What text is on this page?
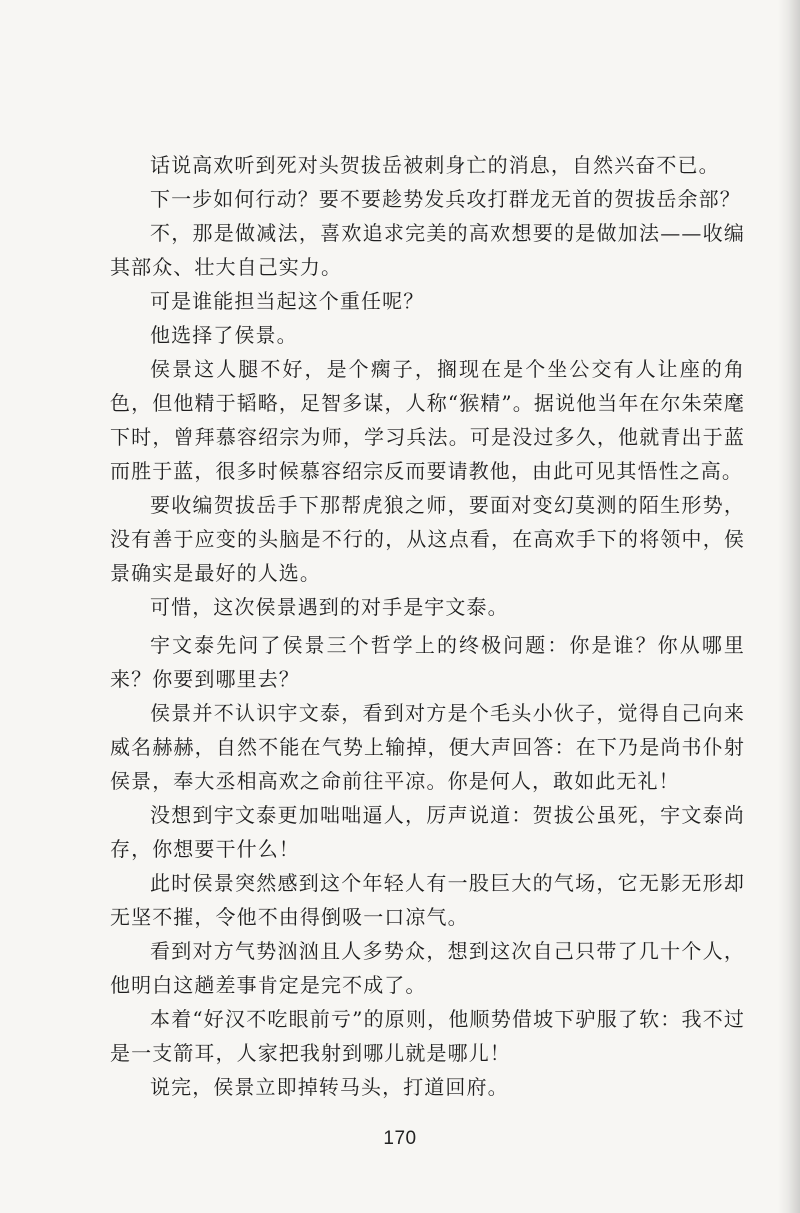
话说高欢听到死对头贺拔岳被刺身亡的消息，自然兴奋不已。

下一步如何行动？要不要趁势发兵攻打群龙无首的贺拔岳余部？

不，那是做减法，喜欢追求完美的高欢想要的是做加法——收编其部众、壮大自己实力。

可是谁能担当起这个重任呢？

他选择了侯景。

侯景这人腿不好，是个瘸子，搁现在是个坐公交有人让座的角色，但他精于韬略，足智多谋，人称“猴精”。据说他当年在尔朱荣麾下时，曾拜慕容绍宗为师，学习兵法。可是没过多久，他就青出于蓝而胜于蓝，很多时候慕容绍宗反而要请教他，由此可见其悟性之高。

要收编贺拔岳手下那帮虎狼之师，要面对变幻莫测的陌生形势，没有善于应变的头脑是不行的，从这点看，在高欢手下的将领中，侯景确实是最好的人选。

可惜，这次侯景遇到的对手是宇文泰。

宇文泰先问了侯景三个哲学上的终极问题：你是谁？你从哪里来？你要到哪里去？

侯景并不认识宇文泰，看到对方是个毛头小伙子，觉得自己向来威名赫赫，自然不能在气势上输掉，便大声回答：在下乃是尚书仆射侯景，奉大丞相高欢之命前往平凉。你是何人，敢如此无礼！

没想到宇文泰更加咄咄逼人，厉声说道：贺拔公虽死，宇文泰尚存，你想要干什么！

此时侯景突然感到这个年轻人有一股巨大的气场，它无影无形却无坚不摧，令他不由得倒吸一口凉气。

看到对方气势汹汹且人多势众，想到这次自己只带了几十个人，他明白这趟差事肯定是完不成了。

本着“好汉不吃眼前亏”的原则，他顺势借坡下驴服了软：我不过是一支箭耳，人家把我射到哪儿就是哪儿！

说完，侯景立即掉转马头，打道回府。

170
